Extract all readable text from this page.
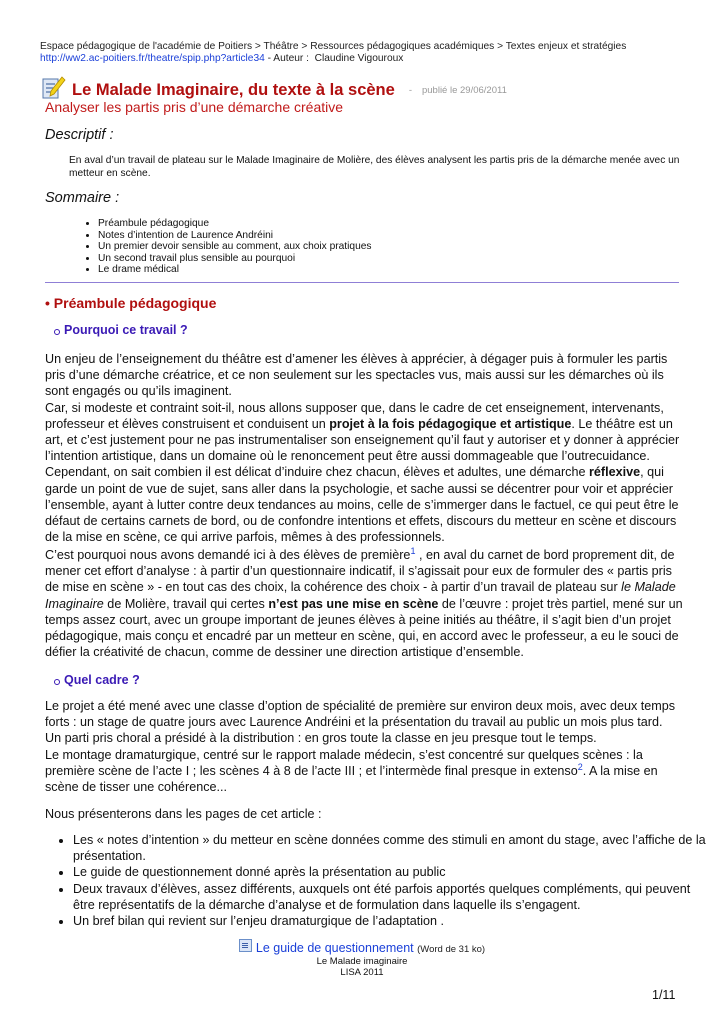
Espace pédagogique de l'académie de Poitiers > Théâtre > Ressources pédagogiques académiques > Textes enjeux et stratégies
http://ww2.ac-poitiers.fr/theatre/spip.php?article34 - Auteur :  Claudine Vigouroux
Le Malade Imaginaire, du texte à la scène - publié le 29/06/2011
Analyser les partis pris d’une démarche créative
Descriptif :
En aval d’un travail de plateau sur le Malade Imaginaire de Molière, des élèves analysent les partis pris de la démarche menée avec un metteur en scène.
Sommaire :
• Préambule pédagogique
• Notes d’intention de Laurence Andréini
• Un premier devoir sensible au comment, aux choix pratiques
• Un second travail plus sensible au pourquoi
• Le drame médical
• Préambule pédagogique
Pourquoi ce travail ?
Un enjeu de l’enseignement du théâtre est d’amener les élèves à apprécier, à dégager puis à formuler les partis pris d’une démarche créatrice, et ce non seulement sur les spectacles vus, mais aussi sur les démarches où ils sont engagés ou qu’ils imaginent.
Car, si modeste et contraint soit-il, nous allons supposer que, dans le cadre de cet enseignement, intervenants, professeur et élèves construisent et conduisent un projet à la fois pédagogique et artistique. Le théâtre est un art, et c’est justement pour ne pas instrumentaliser son enseignement qu’il faut y autoriser et y donner à apprécier l’intention artistique, dans un domaine où le renoncement peut être aussi dommageable que l’outrecuidance.
Cependant, on sait combien il est délicat d’induire chez chacun, élèves et adultes, une démarche réflexive, qui garde un point de vue de sujet, sans aller dans la psychologie, et sache aussi se décentrer pour voir et apprécier l’ensemble, ayant à lutter contre deux tendances au moins, celle de s’immerger dans le factuel, ce qui peut être le défaut de certains carnets de bord, ou de confondre intentions et effets, discours du metteur en scène et discours de la mise en scène, ce qui arrive parfois, mêmes à des professionnels.
C’est pourquoi nous avons demandé ici à des élèves de première$^1$ , en aval du carnet de bord proprement dit, de mener cet effort d’analyse : à partir d’un questionnaire indicatif, il s’agissait pour eux de formuler des « partis pris de mise en scène » - en tout cas des choix, la cohérence des choix - à partir d’un travail de plateau sur le Malade Imaginaire de Molière, travail qui certes n’est pas une mise en scène de l’œuvre : projet très partiel, mené sur un temps assez court, avec un groupe important de jeunes élèves à peine initiés au théâtre, il s’agit bien d’un projet pédagogique, mais conçu et encadré par un metteur en scène, qui, en accord avec le professeur, a eu le souci de défier la créativité de chacun, comme de dessiner une direction artistique d’ensemble.
Quel cadre ?
Le projet a été mené avec une classe d’option de spécialité de première sur environ deux mois, avec deux temps forts : un stage de quatre jours avec Laurence Andréini et la présentation du travail au public un mois plus tard.
Un parti pris choral a présidé à la distribution : en gros toute la classe en jeu presque tout le temps.
Le montage dramaturgique, centré sur le rapport malade médecin, s’est concentré sur quelques scènes : la première scène de l’acte I ; les scènes 4 à 8 de l’acte III ; et l’intermède final presque in extenso$^2$. A la mise en scène de tisser une cohérence...
Nous présenterons dans les pages de cet article :
• Les « notes d’intention » du metteur en scène données comme des stimuli en amont du stage, avec l’affiche de la présentation.
• Le guide de questionnement donné après la présentation au public
• Deux travaux d’élèves, assez différents, auxquels ont été parfois apportés quelques compléments, qui peuvent être représentatifs de la démarche d’analyse et de formulation dans laquelle ils s’engagent.
• Un bref bilan qui revient sur l’enjeu dramaturgique de l’adaptation .
Le guide de questionnement (Word de 31 ko)
Le Malade imaginaire
LISA 2011
1/11
